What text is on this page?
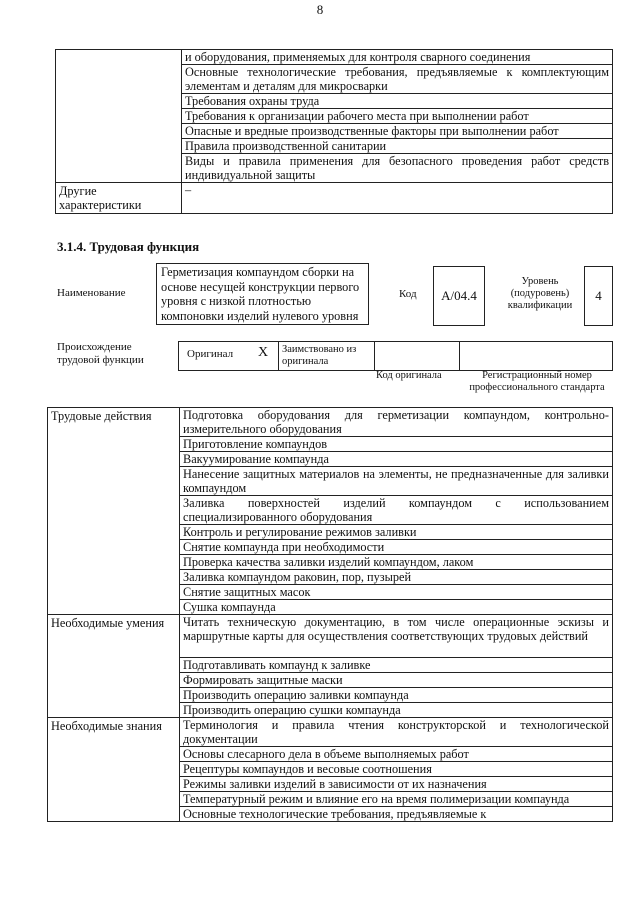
8
	и оборудования, применяемых для контроля сварного соединения
	Основные технологические требования, предъявляемые к комплектующим элементам и деталям для микросварки
	Требования охраны труда
	Требования к организации рабочего места при выполнении работ
	Опасные и вредные производственные факторы при выполнении работ
	Правила производственной санитарии
	Виды и правила применения для безопасного проведения работ средств индивидуальной защиты
Другие характеристики	–
3.1.4. Трудовая функция
Наименование
Герметизация компаундом сборки на основе несущей конструкции первого уровня с низкой плотностью компоновки изделий нулевого уровня
Код A/04.4
Уровень (подуровень) квалификации
4
Происхождение трудовой функции	Оригинал X Заимствовано из оригинала
Код оригинала	Регистрационный номер профессионального стандарта
Трудовые действия	Подготовка оборудования для герметизации компаундом, контрольно-измерительного оборудования
	Приготовление компаундов
	Вакуумирование компаунда
	Нанесение защитных материалов на элементы, не предназначенные для заливки компаундом
	Заливка поверхностей изделий компаундом с использованием специализированного оборудования
	Контроль и регулирование режимов заливки
	Снятие компаунда при необходимости
	Проверка качества заливки изделий компаундом, лаком
	Заливка компаундом раковин, пор, пузырей
	Снятие защитных масок
	Сушка компаунда
Необходимые умения	Читать техническую документацию, в том числе операционные эскизы и маршрутные карты для осуществления соответствующих трудовых действий
	Подготавливать компаунд к заливке
	Формировать защитные маски
	Производить операцию заливки компаунда
	Производить операцию сушки компаунда
Необходимые знания	Терминология и правила чтения конструкторской и технологической документации
	Основы слесарного дела в объеме выполняемых работ
	Рецептуры компаундов и весовые соотношения
	Режимы заливки изделий в зависимости от их назначения
	Температурный режим и влияние его на время полимеризации компаунда
	Основные технологические требования, предъявляемые к
